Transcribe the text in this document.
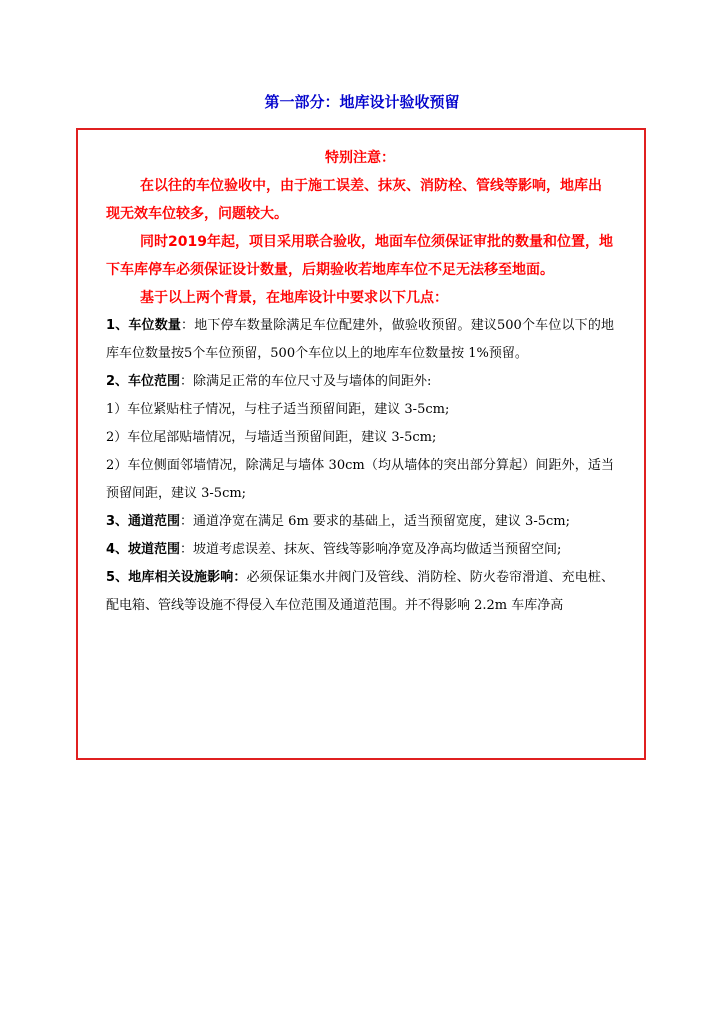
第一部分：地库设计验收预留
特别注意：
在以往的车位验收中，由于施工误差、抹灰、消防栓、管线等影响，地库出现无效车位较多，问题较大。
同时2019年起，项目采用联合验收，地面车位须保证审批的数量和位置，地下车库停车必须保证设计数量，后期验收若地库车位不足无法移至地面。
基于以上两个背景，在地库设计中要求以下几点：
1、车位数量：地下停车数量除满足车位配建外，做验收预留。建议500个车位以下的地库车位数量按5个车位预留，500个车位以上的地库车位数量按 1%预留。
2、车位范围：除满足正常的车位尺寸及与墙体的间距外:
1）车位紧贴柱子情况，与柱子适当预留间距，建议 3-5cm;
2）车位尾部贴墙情况，与墙适当预留间距，建议 3-5cm;
2）车位侧面邻墙情况，除满足与墙体 30cm（均从墙体的突出部分算起）间距外，适当预留间距，建议 3-5cm;
3、通道范围：通道净宽在满足 6m 要求的基础上，适当预留宽度，建议 3-5cm;
4、坡道范围：坡道考虑误差、抹灰、管线等影响净宽及净高均做适当预留空间;
5、地库相关设施影响：必须保证集水井阀门及管线、消防栓、防火卷帘滑道、充电桩、配电箱、管线等设施不得侵入车位范围及通道范围。并不得影响 2.2m 车库净高
